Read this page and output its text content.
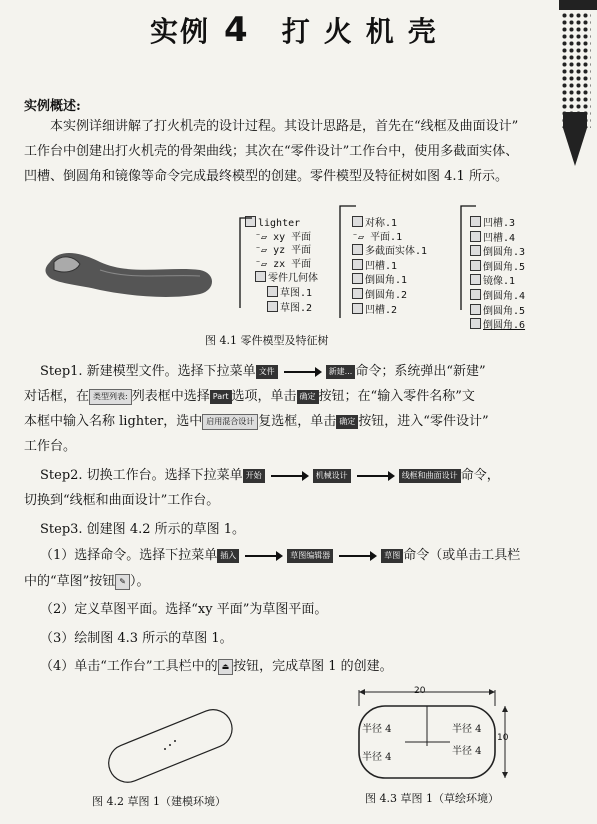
实例 4 打火机壳
实例概述:

本实例详细讲解了打火机壳的设计过程。其设计思路是，首先在“线框及曲面设计”

工作台中创建出打火机壳的骨架曲线；其次在“零件设计”工作台中，使用多截面实体、

凹槽、倒圆角和镜像等命令完成最终模型的创建。零件模型及特征树如图 4.1 所示。

lighter
⁻▱ xy 平面
⁻▱ yz 平面
⁻▱ zx 平面
零件几何体
草图.1
草图.2
对称.1
⁻▱ 平面.1
多截面实体.1
凹槽.1
倒圆角.1
倒圆角.2
凹槽.2
凹槽.3
凹槽.4
倒圆角.3
倒圆角.5
镜像.1
倒圆角.4
倒圆角.5
倒圆角.6
图 4.1 零件模型及特征树
Step1. 新建模型文件。选择下拉菜单 文件	新建... 命令；系统弹出“新建”
对话框，在 类型列表: 列表框中选择 Part 选项，单击 确定 按钮；在“输入零件名称”文
本框中输入名称 lighter，选中 启用混合设计 复选框，单击 确定 按钮，进入“零件设计”
工作台。
Step2. 切换工作台。选择下拉菜单 开始	机械设计	线框和曲面设计 命令，
切换到“线框和曲面设计”工作台。
Step3. 创建图 4.2 所示的草图 1。
（1）选择命令。选择下拉菜单 插入	草图编辑器	草图 命令（或单击工具栏
中的“草图”按钮 ✎ ）。
（2）定义草图平面。选择“xy 平面”为草图平面。
（3）绘制图 4.3 所示的草图 1。
（4）单击“工作台”工具栏中的 ⏏ 按钮，完成草图 1 的创建。
图 4.2 草图 1（建模环境）
20
10
半径 4	半径 4
半径 4
半径 4
图 4.3 草图 1（草绘环境）
